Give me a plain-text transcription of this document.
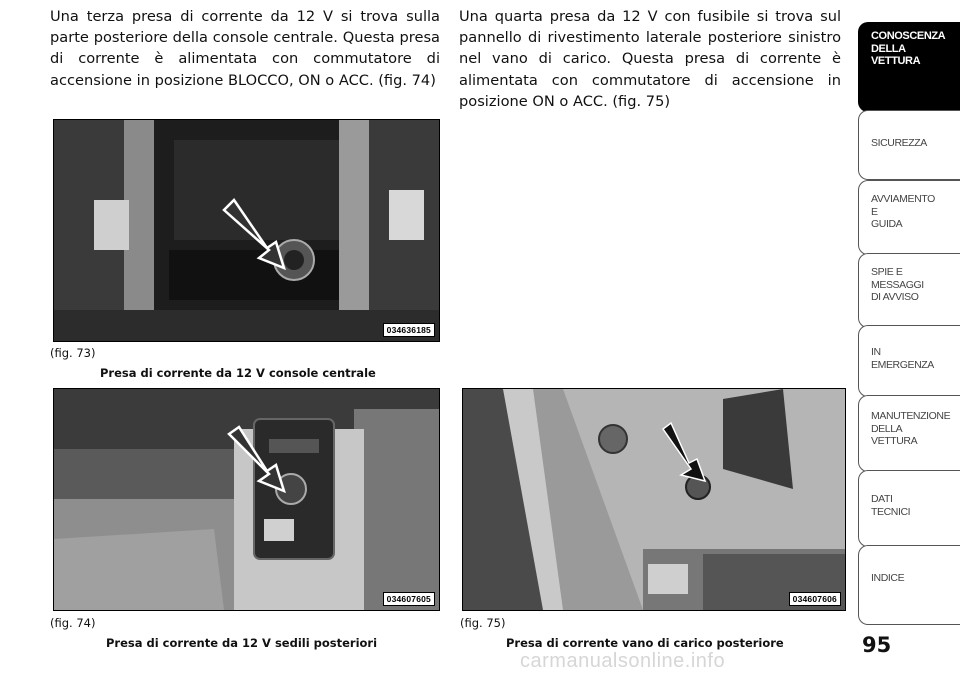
Una terza presa di corrente da 12 V si trova sulla parte posteriore della console centrale. Questa presa di corrente è alimentata con commutatore di accensione in posizione BLOCCO, ON o ACC. (fig. 74)
Una quarta presa da 12 V con fusibile si trova sul pannello di rivestimento laterale posteriore sinistro nel vano di carico. Questa presa di corrente è alimentata con commutatore di accensione in posizione ON o ACC. (fig. 75)
034636185
(fig. 73)
Presa di corrente da 12 V console centrale
034607605
(fig. 74)
Presa di corrente da 12 V sedili posteriori
034607606
(fig. 75)
Presa di corrente vano di carico posteriore
CONOSCENZA
DELLA
VETTURA
SICUREZZA
AVVIAMENTO
E
GUIDA
SPIE E
MESSAGGI
DI AVVISO
IN
EMERGENZA
MANUTENZIONE
DELLA
VETTURA
DATI
TECNICI
INDICE
95
carmanualsonline.info
